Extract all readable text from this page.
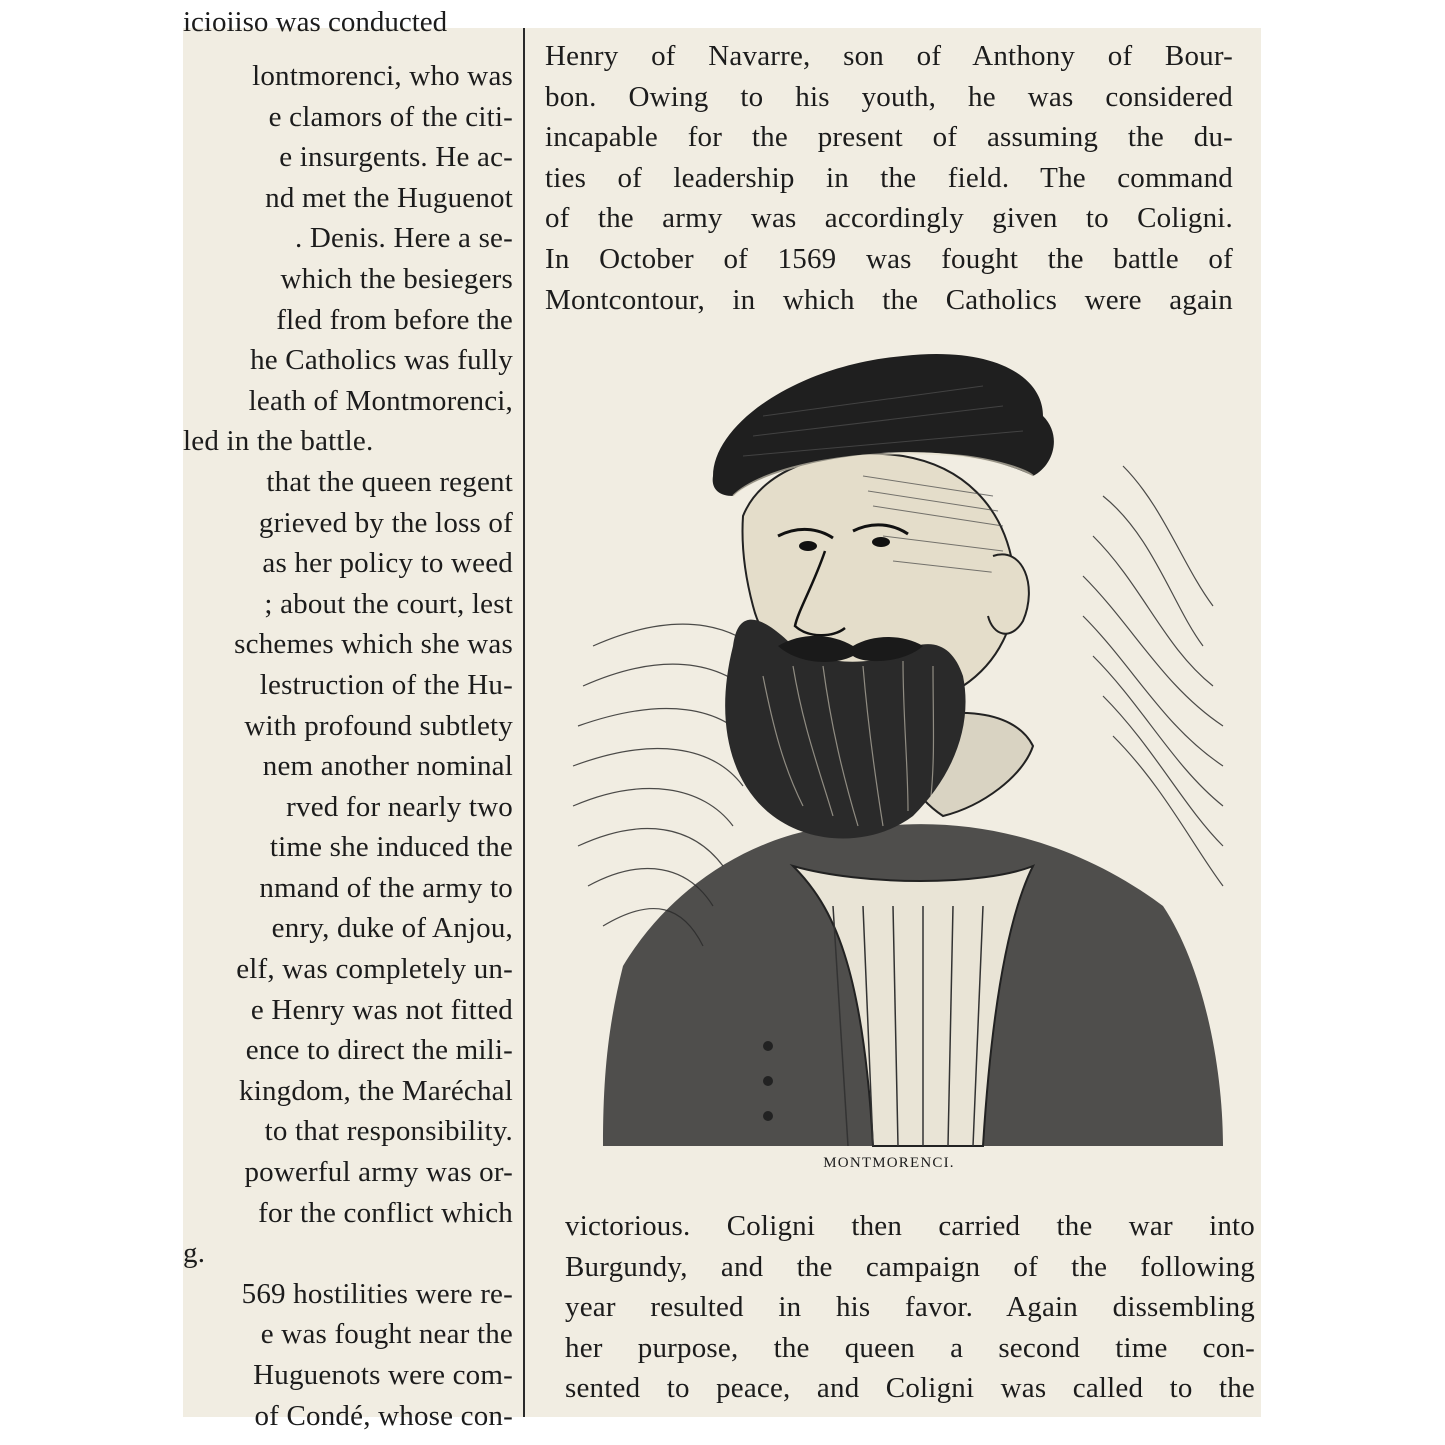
icioiiso was conducted
lontmorenci, who was
e clamors of the citi-
e insurgents. He ac-
nd met the Huguenot
. Denis. Here a se-
which the besiegers
fled from before the
he Catholics was fully
leath of Montmorenci,
led in the battle.
that the queen regent
grieved by the loss of
as her policy to weed
; about the court, lest
schemes which she was
lestruction of the Hu-
with profound subtlety
nem another nominal
rved for nearly two
time she induced the
nmand of the army to
enry, duke of Anjou,
elf, was completely un-
e Henry was not fitted
ence to direct the mili-
kingdom, the Maréchal
to that responsibility.
powerful army was or-
for the conflict which
g.
569 hostilities were re-
e was fought near the
Huguenots were com-
of Condé, whose con-
Henry of Navarre, son of Anthony of Bour-
bon. Owing to his youth, he was considered
incapable for the present of assuming the du-
ties of leadership in the field. The command
of the army was accordingly given to Coligni.
In October of 1569 was fought the battle of
Montcontour, in which the Catholics were again
MONTMORENCI.
victorious. Coligni then carried the war into
Burgundy, and the campaign of the following
year resulted in his favor. Again dissembling
her purpose, the queen a second time con-
sented to peace, and Coligni was called to the
